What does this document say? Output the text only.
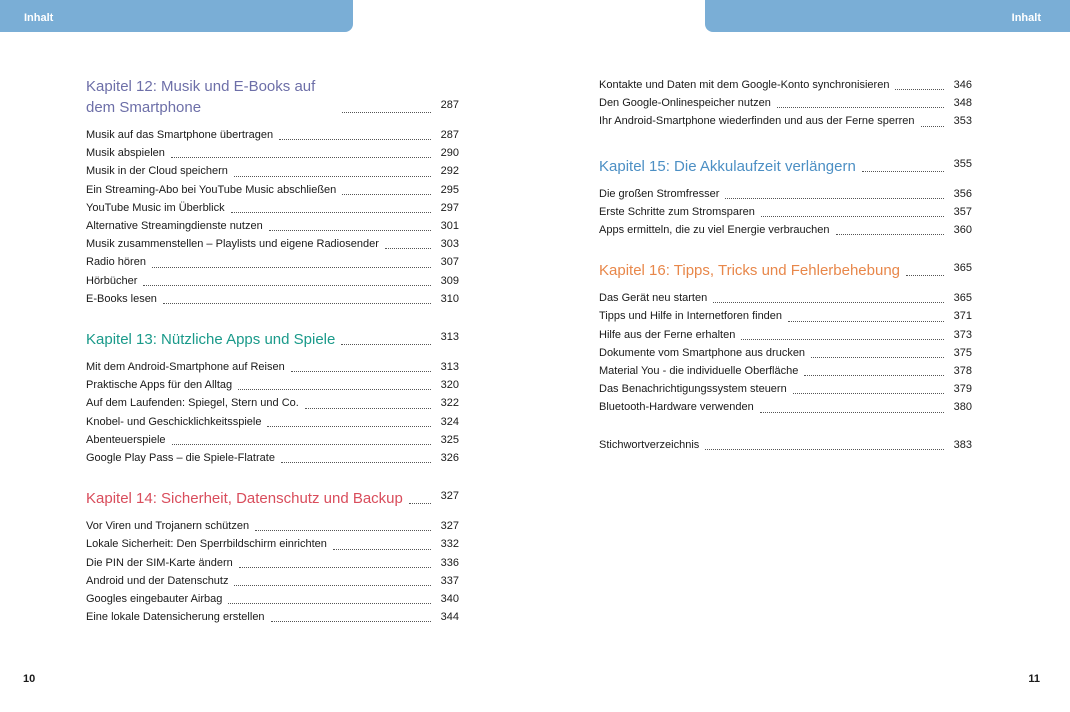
Inhalt
Kapitel 12: Musik und E-Books auf dem Smartphone	287
Musik auf das Smartphone übertragen	287
Musik abspielen	290
Musik in der Cloud speichern	292
Ein Streaming-Abo bei YouTube Music abschließen	295
YouTube Music im Überblick	297
Alternative Streamingdienste nutzen	301
Musik zusammenstellen – Playlists und eigene Radiosender	303
Radio hören	307
Hörbücher	309
E-Books lesen	310
Kapitel 13: Nützliche Apps und Spiele	313
Mit dem Android-Smartphone auf Reisen	313
Praktische Apps für den Alltag	320
Auf dem Laufenden: Spiegel, Stern und Co.	322
Knobel- und Geschicklichkeitsspiele	324
Abenteuerspiele	325
Google Play Pass – die Spiele-Flatrate	326
Kapitel 14: Sicherheit, Datenschutz und Backup	327
Vor Viren und Trojanern schützen	327
Lokale Sicherheit: Den Sperrbildschirm einrichten	332
Die PIN der SIM-Karte ändern	336
Android und der Datenschutz	337
Googles eingebauter Airbag	340
Eine lokale Datensicherung erstellen	344
10
Inhalt
Kontakte und Daten mit dem Google-Konto synchronisieren	346
Den Google-Onlinespeicher nutzen	348
Ihr Android-Smartphone wiederfinden und aus der Ferne sperren	353
Kapitel 15: Die Akkulaufzeit verlängern	355
Die großen Stromfresser	356
Erste Schritte zum Stromsparen	357
Apps ermitteln, die zu viel Energie verbrauchen	360
Kapitel 16: Tipps, Tricks und Fehlerbehebung	365
Das Gerät neu starten	365
Tipps und Hilfe in Internetforen finden	371
Hilfe aus der Ferne erhalten	373
Dokumente vom Smartphone aus drucken	375
Material You - die individuelle Oberfläche	378
Das Benachrichtigungssystem steuern	379
Bluetooth-Hardware verwenden	380
Stichwortverzeichnis	383
11
